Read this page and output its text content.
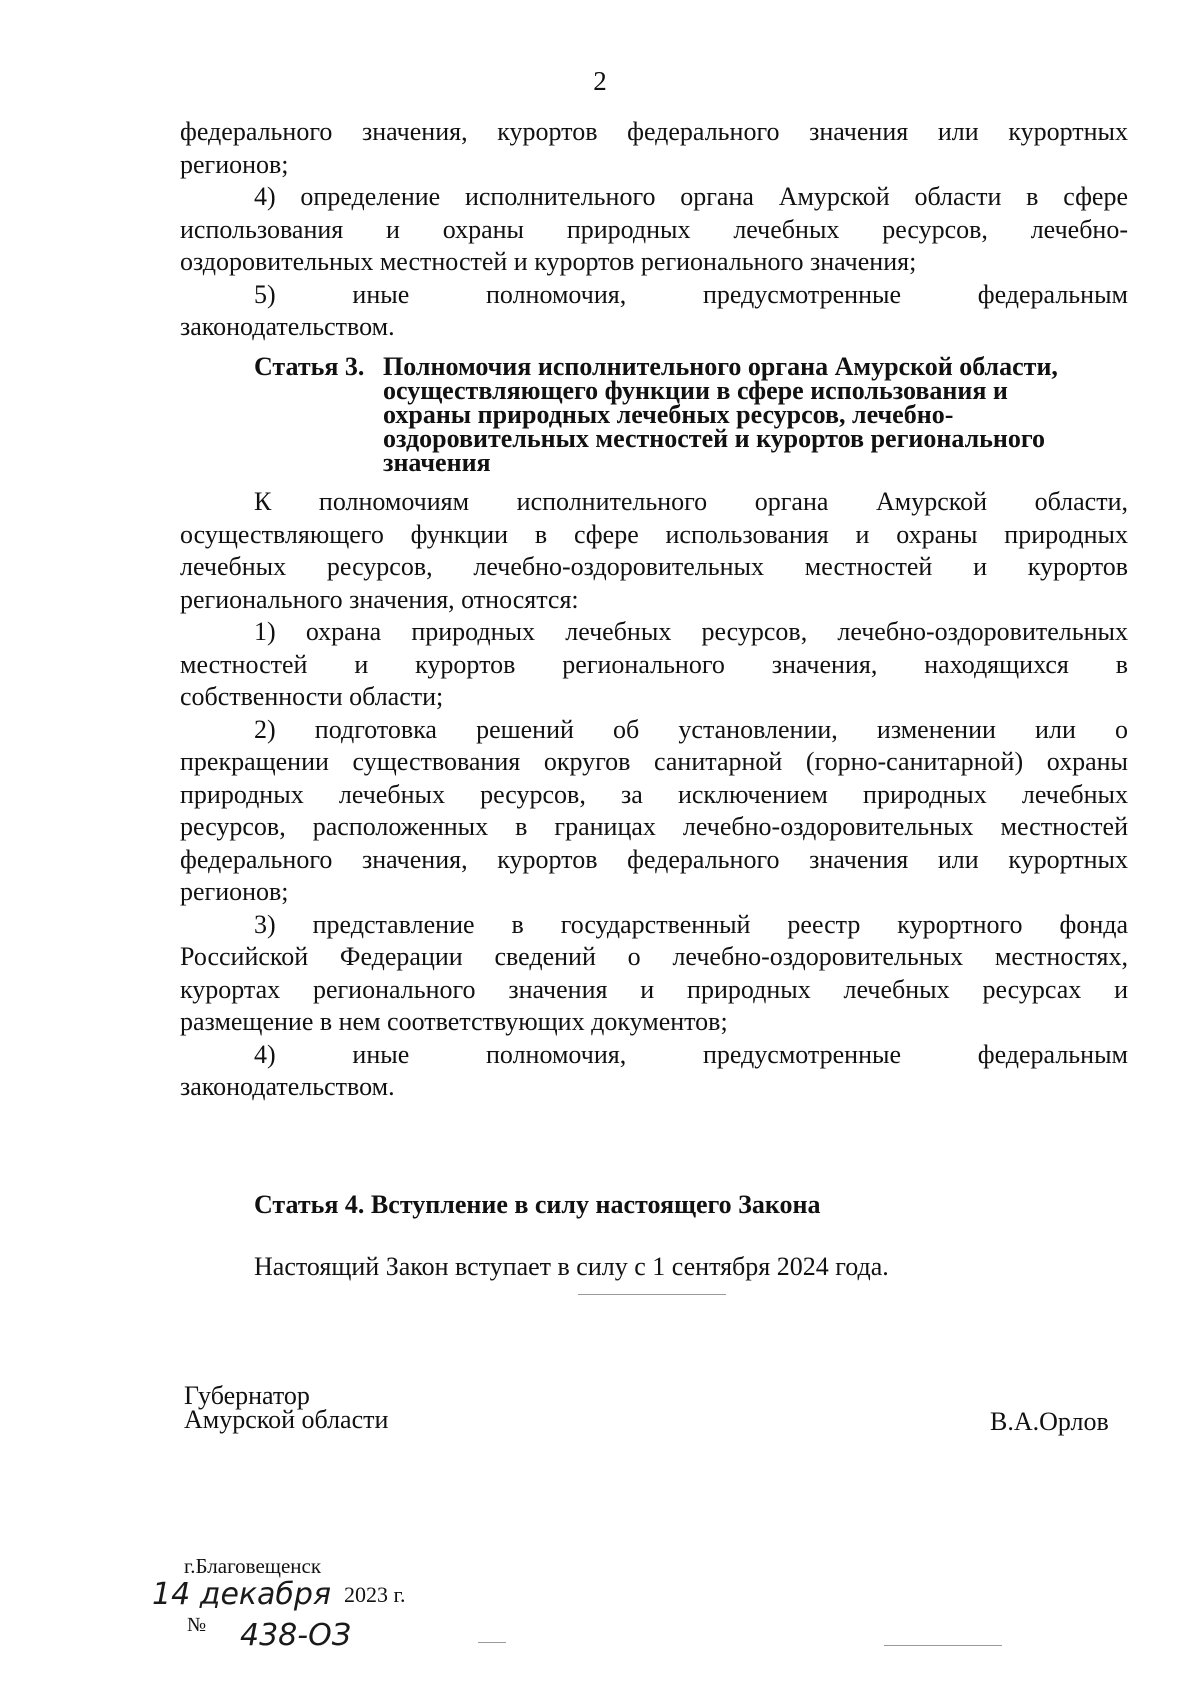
2

федерального значения, курортов федерального значения или курортных

регионов;

4) определение исполнительного органа Амурской области в сфере

использования и охраны природных лечебных ресурсов, лечебно-

оздоровительных местностей и курортов регионального значения;

5) иные полномочия, предусмотренные федеральным

законодательством.

Статья 3. Полномочия исполнительного органа Амурской области,
осуществляющего функции в сфере использования и
охраны природных лечебных ресурсов, лечебно-
оздоровительных местностей и курортов регионального
значения

К полномочиям исполнительного органа Амурской области,

осуществляющего функции в сфере использования и охраны природных

лечебных ресурсов, лечебно-оздоровительных местностей и курортов

регионального значения, относятся:

1) охрана природных лечебных ресурсов, лечебно-оздоровительных

местностей и курортов регионального значения, находящихся в

собственности области;

2) подготовка решений об установлении, изменении или о

прекращении существования округов санитарной (горно-санитарной) охраны

природных лечебных ресурсов, за исключением природных лечебных

ресурсов, расположенных в границах лечебно-оздоровительных местностей

федерального значения, курортов федерального значения или курортных

регионов;

3) представление в государственный реестр курортного фонда

Российской Федерации сведений о лечебно-оздоровительных местностях,

курортах регионального значения и природных лечебных ресурсах и

размещение в нем соответствующих документов;

4) иные полномочия, предусмотренные федеральным

законодательством.

Статья 4. Вступление в силу настоящего Закона
Настоящий Закон вступает в силу с 1 сентября 2024 года.
Губернатор
Амурской области	В.А.Орлов
г.Благовещенск
14 декабря 2023 г.
№ 438-ОЗ
